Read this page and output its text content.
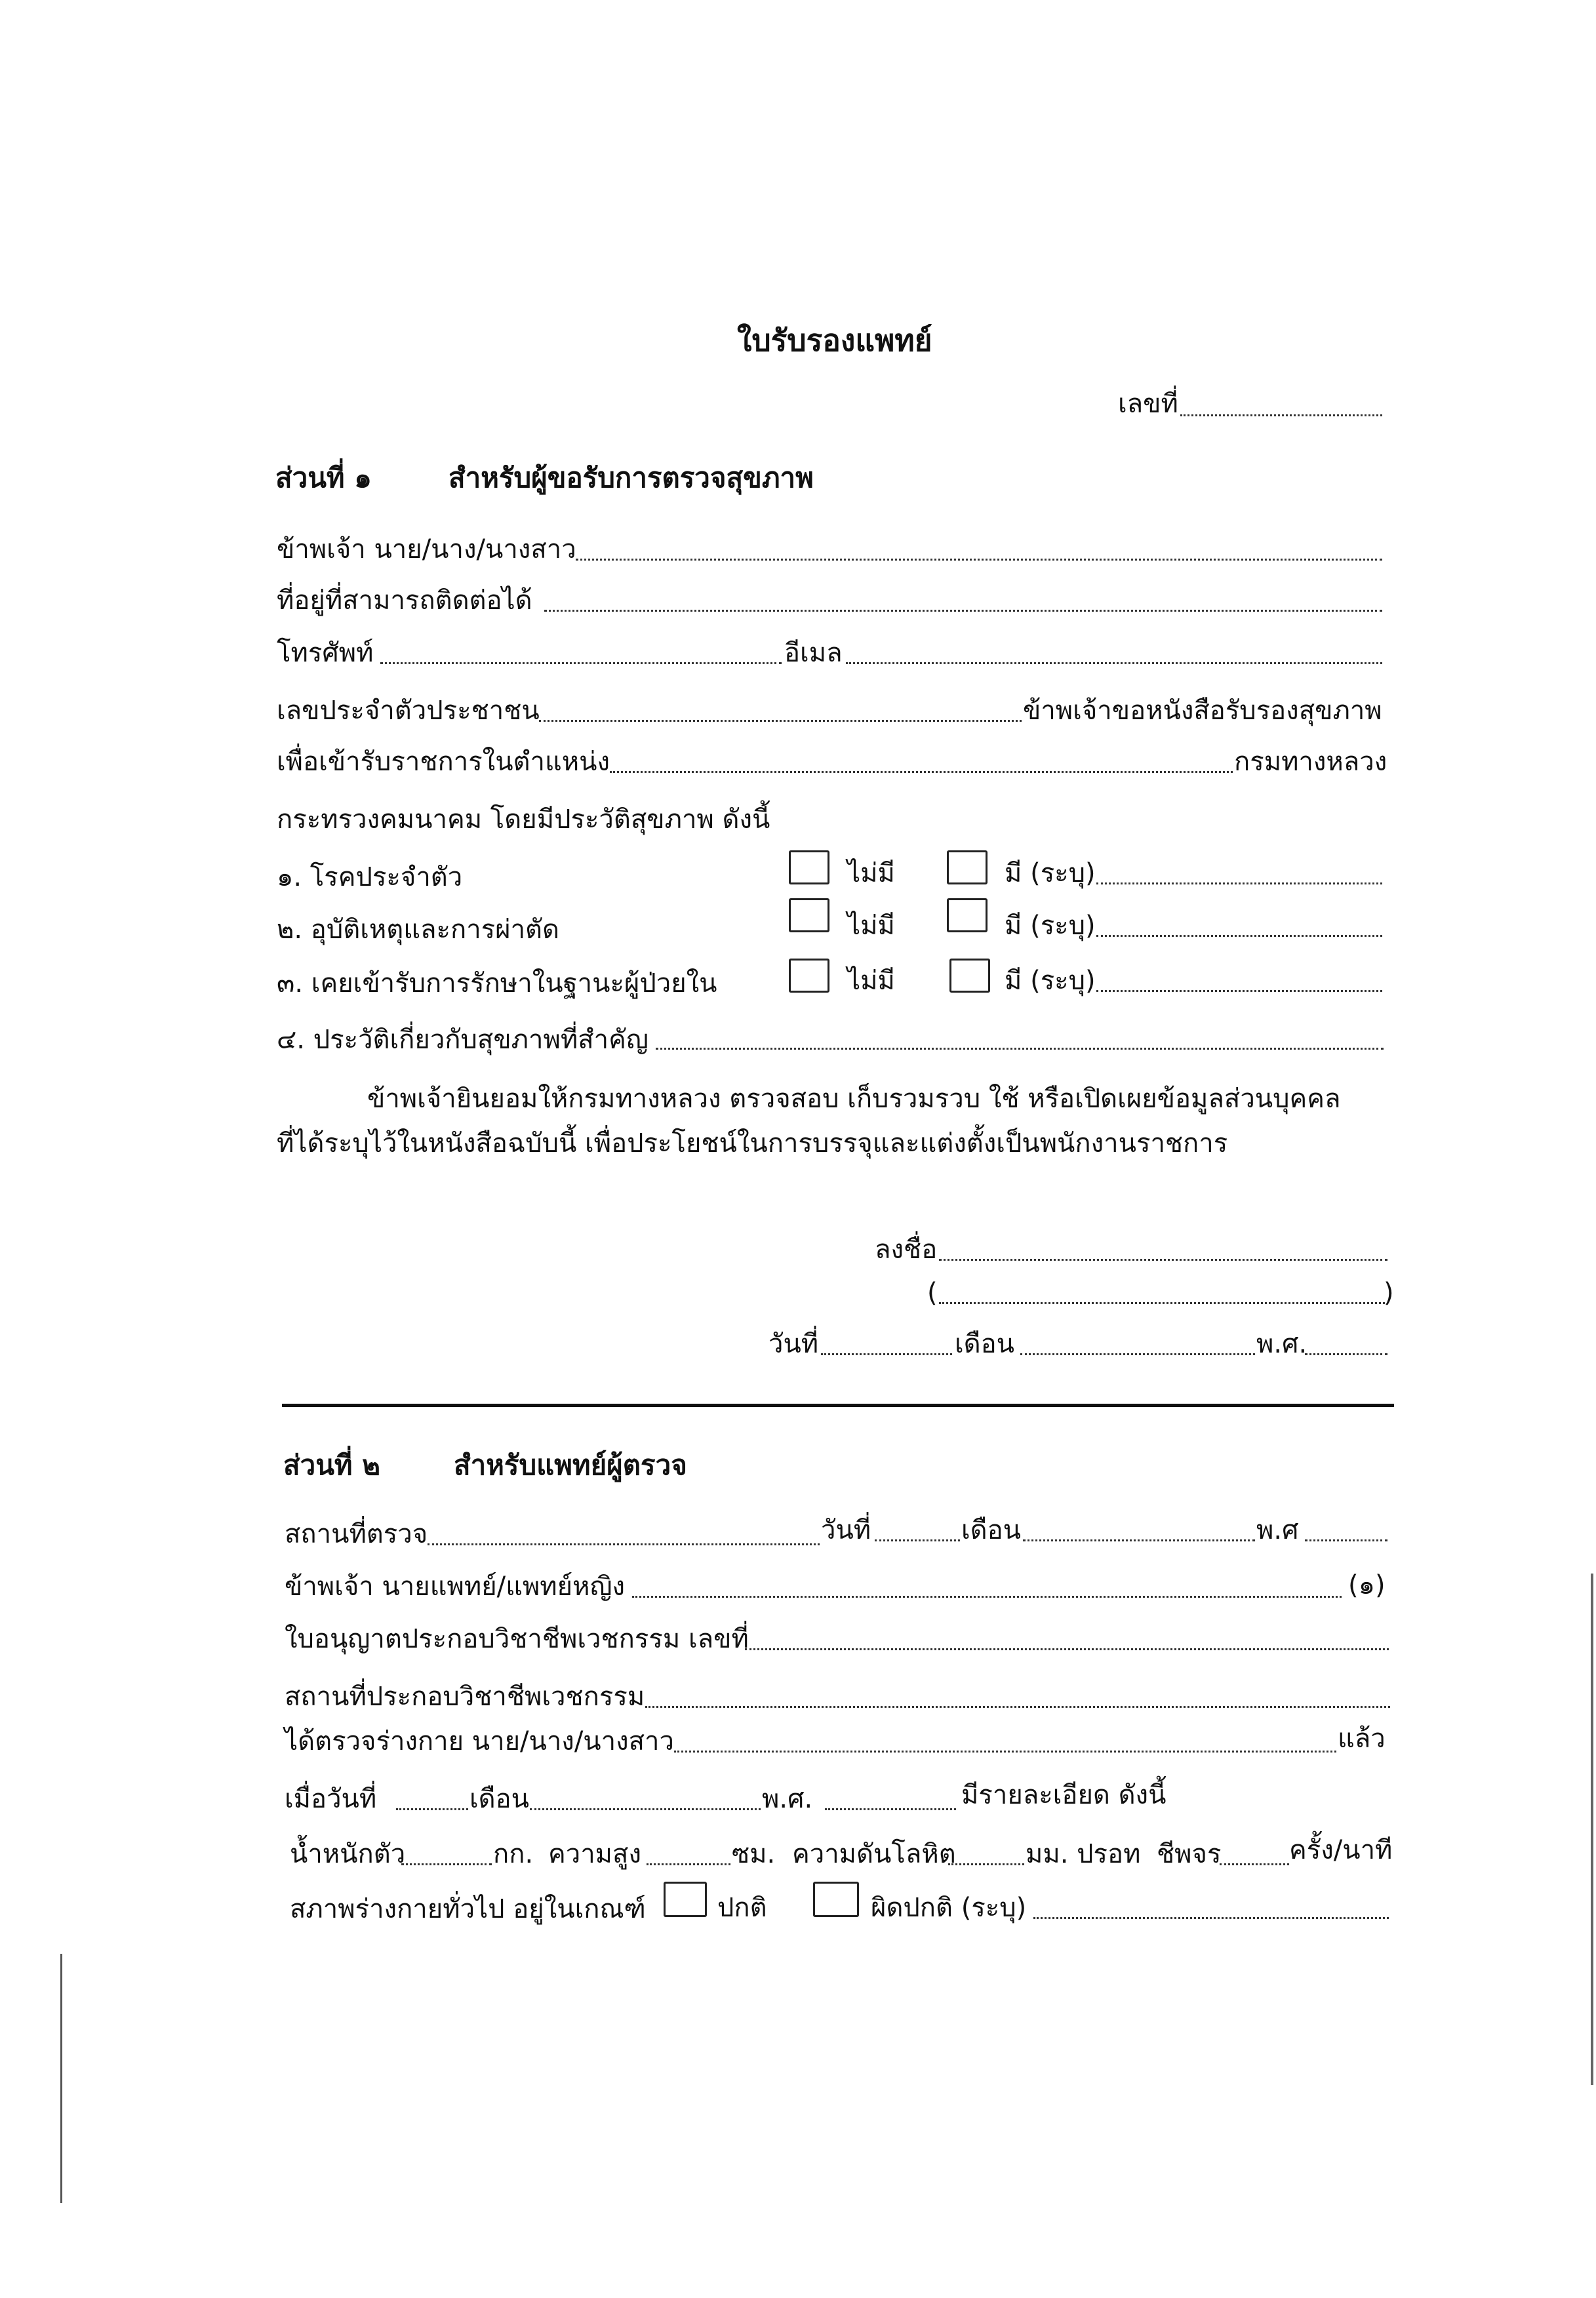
ใบรับรองแพทย์
เลขที่
ส่วนที่ ๑	สำหรับผู้ขอรับการตรวจสุขภาพ
ข้าพเจ้า นาย/นาง/นางสาว
ที่อยู่ที่สามารถติดต่อได้
โทรศัพท์	อีเมล
เลขประจำตัวประชาชน	ข้าพเจ้าขอหนังสือรับรองสุขภาพ
เพื่อเข้ารับราชการในตำแหน่ง	กรมทางหลวง
กระทรวงคมนาคม โดยมีประวัติสุขภาพ ดังนี้
๑. โรคประจำตัว	ไม่มี	มี (ระบุ)
๒. อุบัติเหตุและการผ่าตัด	ไม่มี	มี (ระบุ)
๓. เคยเข้ารับการรักษาในฐานะผู้ป่วยใน	ไม่มี	มี (ระบุ)
๔. ประวัติเกี่ยวกับสุขภาพที่สำคัญ
ข้าพเจ้ายินยอมให้กรมทางหลวง ตรวจสอบ เก็บรวมรวบ ใช้ หรือเปิดเผยข้อมูลส่วนบุคคล
ที่ได้ระบุไว้ในหนังสือฉบับนี้ เพื่อประโยชน์ในการบรรจุและแต่งตั้งเป็นพนักงานราชการ
ลงชื่อ
(	)
วันที่	เดือน	พ.ศ.
ส่วนที่ ๒	สำหรับแพทย์ผู้ตรวจ
สถานที่ตรวจ	วันที่	เดือน	พ.ศ
ข้าพเจ้า นายแพทย์/แพทย์หญิง	(๑)
ใบอนุญาตประกอบวิชาชีพเวชกรรม เลขที่
สถานที่ประกอบวิชาชีพเวชกรรม
ได้ตรวจร่างกาย นาย/นาง/นางสาว	แล้ว
เมื่อวันที่	เดือน	พ.ศ.	มีรายละเอียด ดังนี้
น้ำหนักตัว	กก. ความสูง	ซม. ความดันโลหิต	มม. ปรอท ชีพจร	ครั้ง/นาที
สภาพร่างกายทั่วไป อยู่ในเกณฑ์	ปกติ	ผิดปกติ (ระบุ)
